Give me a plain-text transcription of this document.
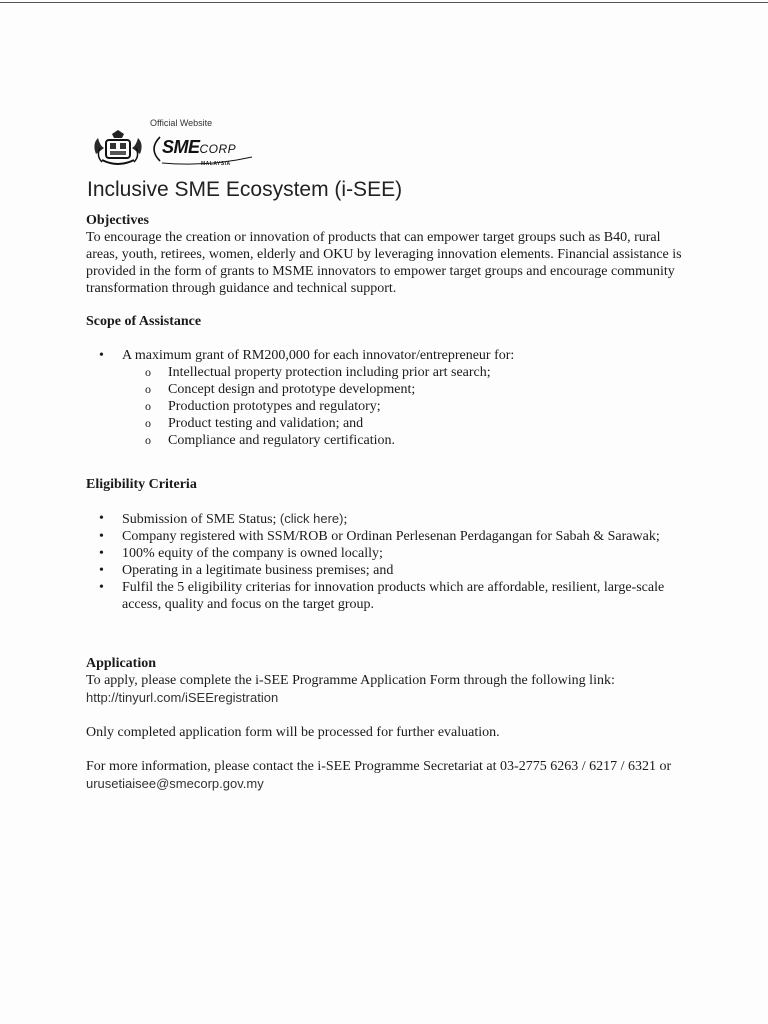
Official Website
SMECORP
MALAYSIA
Inclusive SME Ecosystem (i-SEE)
Objectives

To encourage the creation or innovation of products that can empower target groups such as B40, rural areas, youth, retirees, women, elderly and OKU by leveraging innovation elements. Financial assistance is provided in the form of grants to MSME innovators to empower target groups and encourage community transformation through guidance and technical support.

Scope of Assistance
• A maximum grant of RM200,000 for each innovator/entrepreneur for:
o Intellectual property protection including prior art search;
o Concept design and prototype development;
o Production prototypes and regulatory;
o Product testing and validation; and
o Compliance and regulatory certification.
Eligibility Criteria
• Submission of SME Status; (click here);
• Company registered with SSM/ROB or Ordinan Perlesenan Perdagangan for Sabah & Sarawak;
• 100% equity of the company is owned locally;
• Operating in a legitimate business premises; and
• Fulfil the 5 eligibility criterias for innovation products which are affordable, resilient, large-scale access, quality and focus on the target group.
Application

To apply, please complete the i-SEE Programme Application Form through the following link: http://tinyurl.com/iSEEregistration

Only completed application form will be processed for further evaluation.

For more information, please contact the i-SEE Programme Secretariat at 03-2775 6263 / 6217 / 6321 or urusetiaisee@smecorp.gov.my
